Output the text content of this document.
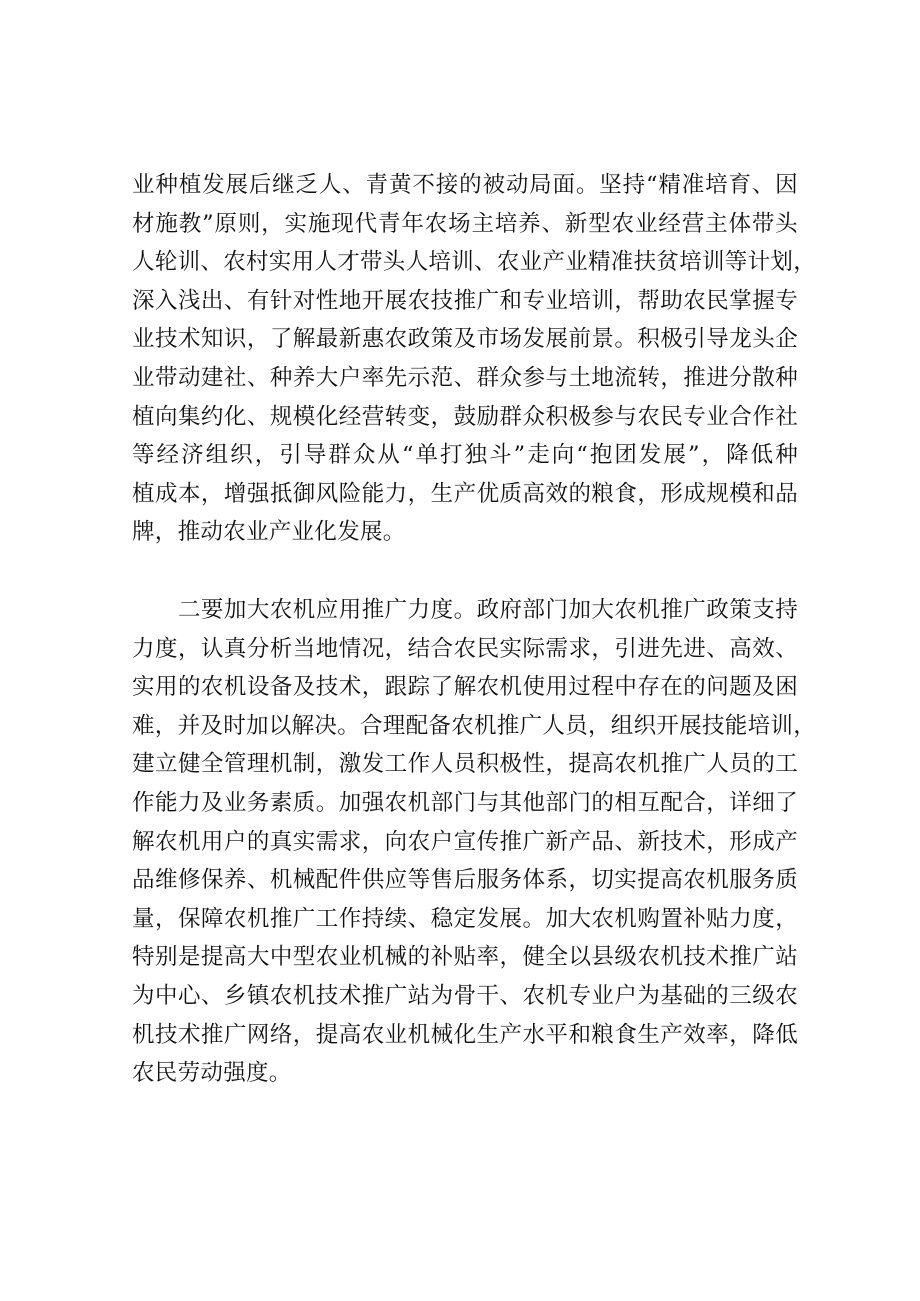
业种植发展后继乏人、青黄不接的被动局面。坚持“精准培育、因
材施教”原则，实施现代青年农场主培养、新型农业经营主体带头
人轮训、农村实用人才带头人培训、农业产业精准扶贫培训等计划，
深入浅出、有针对性地开展农技推广和专业培训，帮助农民掌握专
业技术知识，了解最新惠农政策及市场发展前景。积极引导龙头企
业带动建社、种养大户率先示范、群众参与土地流转，推进分散种
植向集约化、规模化经营转变，鼓励群众积极参与农民专业合作社
等经济组织，引导群众从“单打独斗”走向“抱团发展”，降低种
植成本，增强抵御风险能力，生产优质高效的粮食，形成规模和品
牌，推动农业产业化发展。
　　二要加大农机应用推广力度。政府部门加大农机推广政策支持
力度，认真分析当地情况，结合农民实际需求，引进先进、高效、
实用的农机设备及技术，跟踪了解农机使用过程中存在的问题及困
难，并及时加以解决。合理配备农机推广人员，组织开展技能培训，
建立健全管理机制，激发工作人员积极性，提高农机推广人员的工
作能力及业务素质。加强农机部门与其他部门的相互配合，详细了
解农机用户的真实需求，向农户宣传推广新产品、新技术，形成产
品维修保养、机械配件供应等售后服务体系，切实提高农机服务质
量，保障农机推广工作持续、稳定发展。加大农机购置补贴力度，
特别是提高大中型农业机械的补贴率，健全以县级农机技术推广站
为中心、乡镇农机技术推广站为骨干、农机专业户为基础的三级农
机技术推广网络，提高农业机械化生产水平和粮食生产效率，降低
农民劳动强度。
